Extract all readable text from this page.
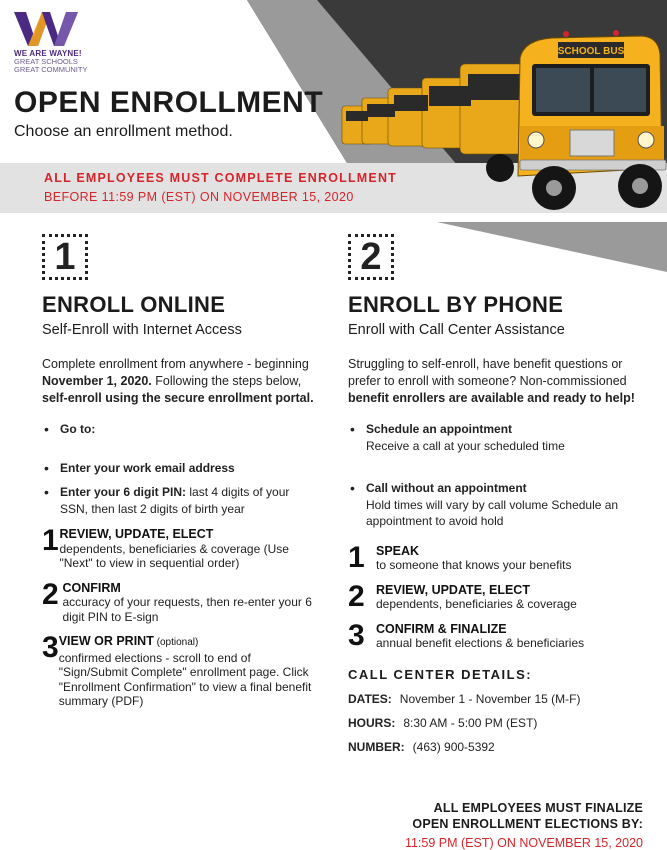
ALL EMPLOYEES MUST COMPLETE ENROLLMENT
BEFORE 11:59 PM (EST) ON NOVEMBER 15, 2020
SCHOOL BUS
WE ARE WAYNE!
GREAT SCHOOLS
GREAT COMMUNITY
OPEN ENROLLMENT
Choose an enrollment method.
1
ENROLL ONLINE
Self-Enroll with Internet Access
Complete enrollment from anywhere - beginning November 1, 2020. Following the steps below, self-enroll using the secure enrollment portal.
• Go to:
• Enter your work email address
• Enter your 6 digit PIN: last 4 digits of your SSN, then last 2 digits of birth year
1 REVIEW, UPDATE, ELECT
dependents, beneficiaries & coverage (Use "Next" to view in sequential order)
2 CONFIRM
accuracy of your requests, then re-enter your 6 digit PIN to E-sign
3 VIEW OR PRINT (optional)
confirmed elections - scroll to end of "Sign/Submit Complete" enrollment page. Click "Enrollment Confirmation" to view a final benefit summary (PDF)
2
ENROLL BY PHONE
Enroll with Call Center Assistance
Struggling to self-enroll, have benefit questions or prefer to enroll with someone? Non-commissioned benefit enrollers are available and ready to help!
• Schedule an appointment
Receive a call at your scheduled time
• Call without an appointment
Hold times will vary by call volume Schedule an appointment to avoid hold
1 SPEAK
to someone that knows your benefits
2 REVIEW, UPDATE, ELECT
dependents, beneficiaries & coverage
3 CONFIRM & FINALIZE
annual benefit elections & beneficiaries
CALL CENTER DETAILS:
DATES: November 1 - November 15 (M-F)
HOURS: 8:30 AM - 5:00 PM (EST)
NUMBER: (463) 900-5392
ALL EMPLOYEES MUST FINALIZE
OPEN ENROLLMENT ELECTIONS BY:
11:59 PM (EST) ON NOVEMBER 15, 2020
